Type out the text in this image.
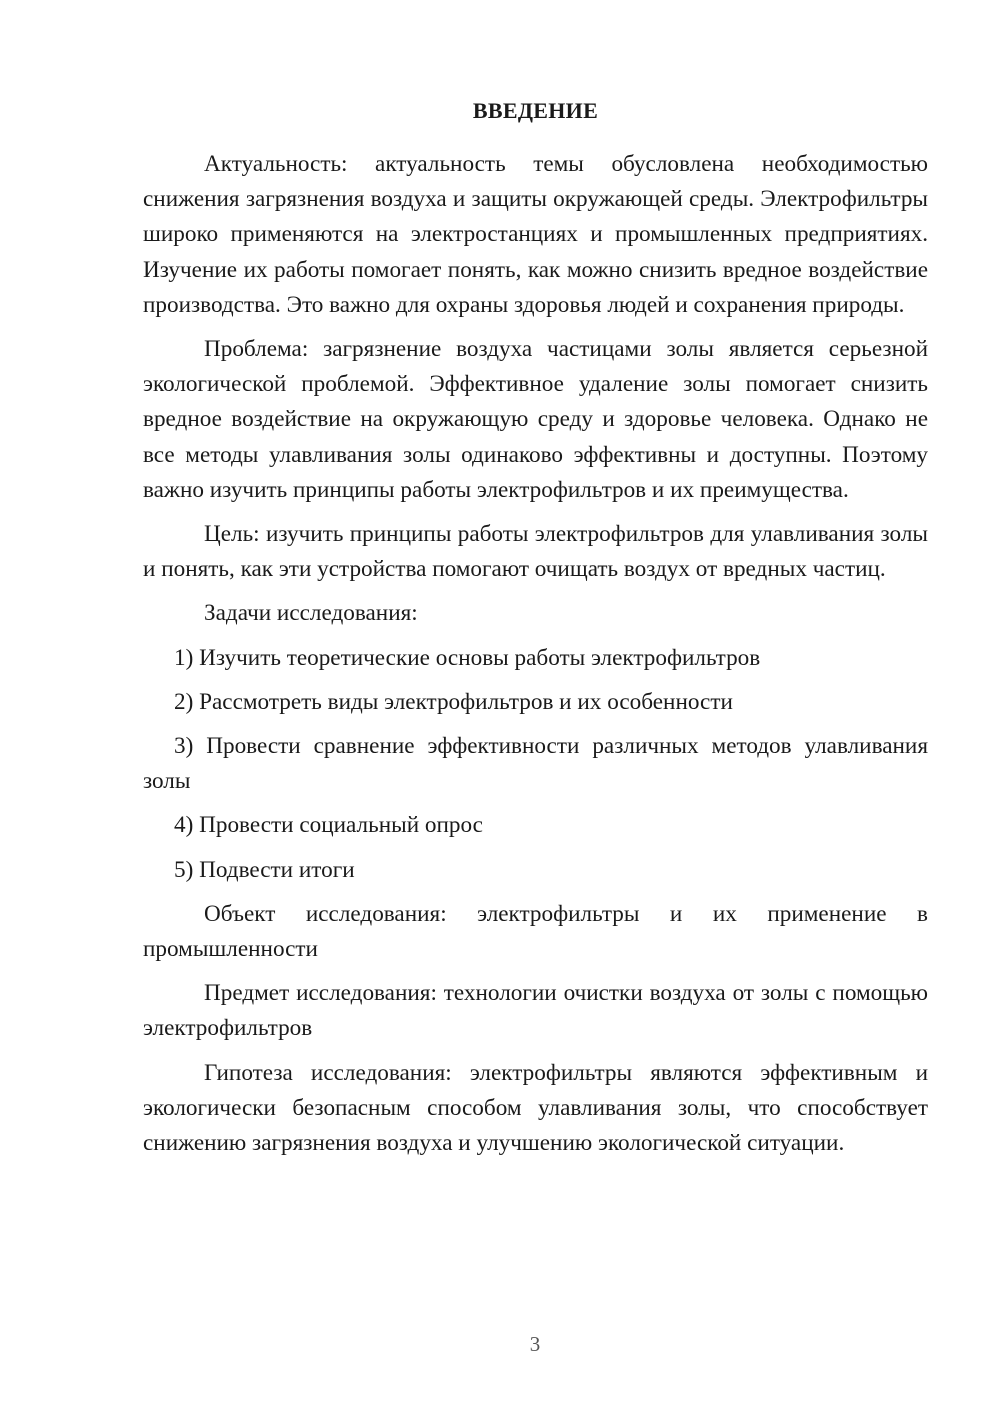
ВВЕДЕНИЕ

Актуальность: актуальность темы обусловлена необходимостью снижения загрязнения воздуха и защиты окружающей среды. Электрофильтры широко применяются на электростанциях и промышленных предприятиях. Изучение их работы помогает понять, как можно снизить вредное воздействие производства. Это важно для охраны здоровья людей и сохранения природы.

Проблема: загрязнение воздуха частицами золы является серьезной экологической проблемой. Эффективное удаление золы помогает снизить вредное воздействие на окружающую среду и здоровье человека. Однако не все методы улавливания золы одинаково эффективны и доступны. Поэтому важно изучить принципы работы электрофильтров и их преимущества.

Цель: изучить принципы работы электрофильтров для улавливания золы и понять, как эти устройства помогают очищать воздух от вредных частиц.

Задачи исследования:

1) Изучить теоретические основы работы электрофильтров

2) Рассмотреть виды электрофильтров и их особенности

3) Провести сравнение эффективности различных методов улавливания золы

4) Провести социальный опрос

5) Подвести итоги

Объект исследования: электрофильтры и их применение в промышленности

Предмет исследования: технологии очистки воздуха от золы с помощью электрофильтров

Гипотеза исследования: электрофильтры являются эффективным и экологически безопасным способом улавливания золы, что способствует снижению загрязнения воздуха и улучшению экологической ситуации.

3
